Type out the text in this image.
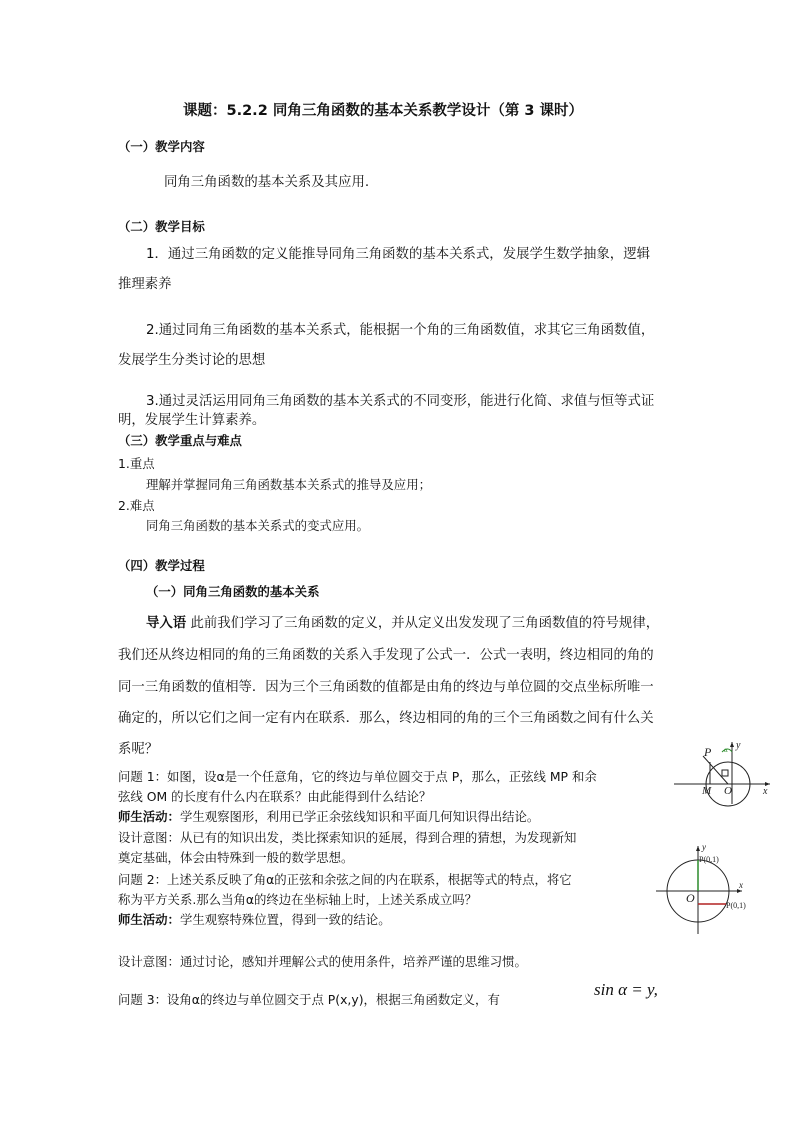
课题：5.2.2 同角三角函数的基本关系教学设计（第 3 课时）
（一）教学内容
同角三角函数的基本关系及其应用.
（二）教学目标
1．通过三角函数的定义能推导同角三角函数的基本关系式，发展学生数学抽象，逻辑
推理素养
2.通过同角三角函数的基本关系式，能根据一个角的三角函数值，求其它三角函数值，
发展学生分类讨论的思想
3.通过灵活运用同角三角函数的基本关系式的不同变形，能进行化简、求值与恒等式证
明，发展学生计算素养。
（三）教学重点与难点
1.重点
理解并掌握同角三角函数基本关系式的推导及应用；
2.难点
同角三角函数的基本关系式的变式应用。
（四）教学过程
（一）同角三角函数的基本关系
导入语 此前我们学习了三角函数的定义，并从定义出发发现了三角函数值的符号规律，
我们还从终边相同的角的三角函数的关系入手发现了公式一．公式一表明，终边相同的角的
同一三角函数的值相等．因为三个三角函数的值都是由角的终边与单位圆的交点坐标所唯一
确定的，所以它们之间一定有内在联系．那么，终边相同的角的三个三角函数之间有什么关
系呢？
问题 1：如图，设α是一个任意角，它的终边与单位圆交于点 P，那么，正弦线 MP 和余
弦线 OM 的长度有什么内在联系？由此能得到什么结论？
师生活动：学生观察图形，利用已学正余弦线知识和平面几何知识得出结论。
设计意图：从已有的知识出发，类比探索知识的延展，得到合理的猜想，为发现新知
奠定基础，体会由特殊到一般的数学思想。
问题 2：上述关系反映了角α的正弦和余弦之间的内在联系，根据等式的特点，将它
称为平方关系.那么当角α的终边在坐标轴上时，上述关系成立吗？
师生活动：学生观察特殊位置，得到一致的结论。
设计意图：通过讨论，感知并理解公式的使用条件，培养严谨的思维习惯。
问题 3：设角α的终边与单位圆交于点 P(x,y)，根据三角函数定义，有
sin α = y,
y
x
P
M O
α
y
x
O
P(0,1)
P(0,1)
